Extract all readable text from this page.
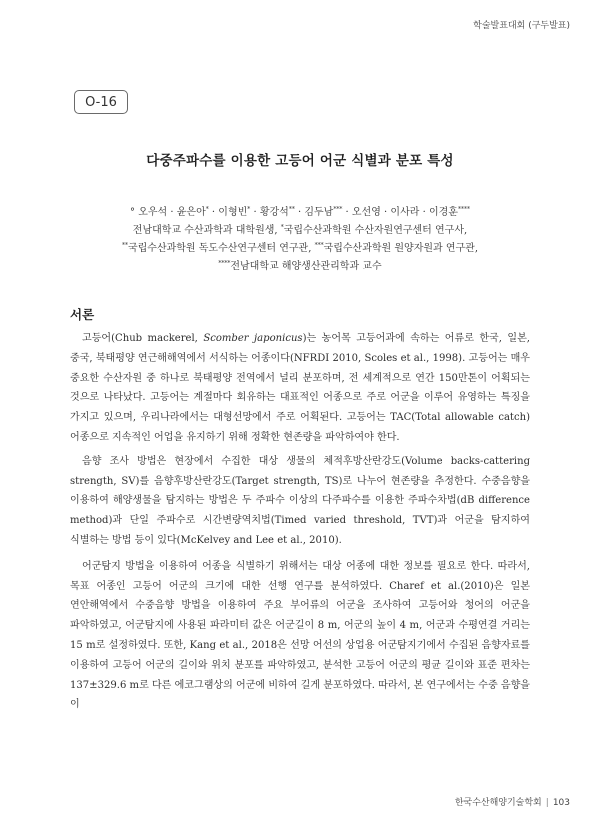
학술발표대회 (구두발표)
O-16
다중주파수를 이용한 고등어 어군 식별과 분포 특성
° 오우석 · 윤은아* · 이형빈* · 황강석** · 김두남*** · 오선영 · 이사라 · 이경훈****
전남대학교 수산과학과 대학원생, *국립수산과학원 수산자원연구센터 연구사,
**국립수산과학원 독도수산연구센터 연구관, ***국립수산과학원 원양자원과 연구관,
****전남대학교 해양생산관리학과 교수
서론

고등어(Chub mackerel, Scomber japonicus)는 농어목 고등어과에 속하는 어류로 한국, 일본, 중국, 북태평양 연근해해역에서 서식하는 어종이다(NFRDI 2010, Scoles et al., 1998). 고등어는 매우 중요한 수산자원 중 하나로 북태평양 전역에서 널리 분포하며, 전 세계적으로 연간 150만톤이 어획되는 것으로 나타났다. 고등어는 계절마다 회유하는 대표적인 어종으로 주로 어군을 이루어 유영하는 특징을 가지고 있으며, 우리나라에서는 대형선망에서 주로 어획된다. 고등어는 TAC(Total allowable catch) 어종으로 지속적인 어업을 유지하기 위해 정확한 현존량을 파악하여야 한다.

음향 조사 방법은 현장에서 수집한 대상 생물의 체적후방산란강도(Volume backs-cattering strength, SV)를 음향후방산란강도(Target strength, TS)로 나누어 현존량을 추정한다. 수중음향을 이용하여 해양생물을 탐지하는 방법은 두 주파수 이상의 다주파수를 이용한 주파수차법(dB difference method)과 단일 주파수로 시간변량역치법(Timed varied threshold, TVT)과 어군을 탐지하여 식별하는 방법 등이 있다(McKelvey and Lee et al., 2010).

어군탐지 방법을 이용하여 어종을 식별하기 위해서는 대상 어종에 대한 정보를 필요로 한다. 따라서, 목표 어종인 고등어 어군의 크기에 대한 선행 연구를 분석하였다. Charef et al.(2010)은 일본 연안해역에서 수중음향 방법을 이용하여 주요 부어류의 어군을 조사하여 고등어와 청어의 어군을 파악하였고, 어군탐지에 사용된 파라미터 값은 어군길이 8 m, 어군의 높이 4 m, 어군과 수평연결 거리는 15 m로 설정하였다. 또한, Kang et al., 2018은 선망 어선의 상업용 어군탐지기에서 수집된 음향자료를 이용하여 고등어 어군의 길이와 위치 분포를 파악하였고, 분석한 고등어 어군의 평균 길이와 표준 편차는 137±329.6 m로 다른 에코그램상의 어군에 비하여 길게 분포하였다. 따라서, 본 연구에서는 수중 음향을 이

한국수산해양기술학회 | 103
